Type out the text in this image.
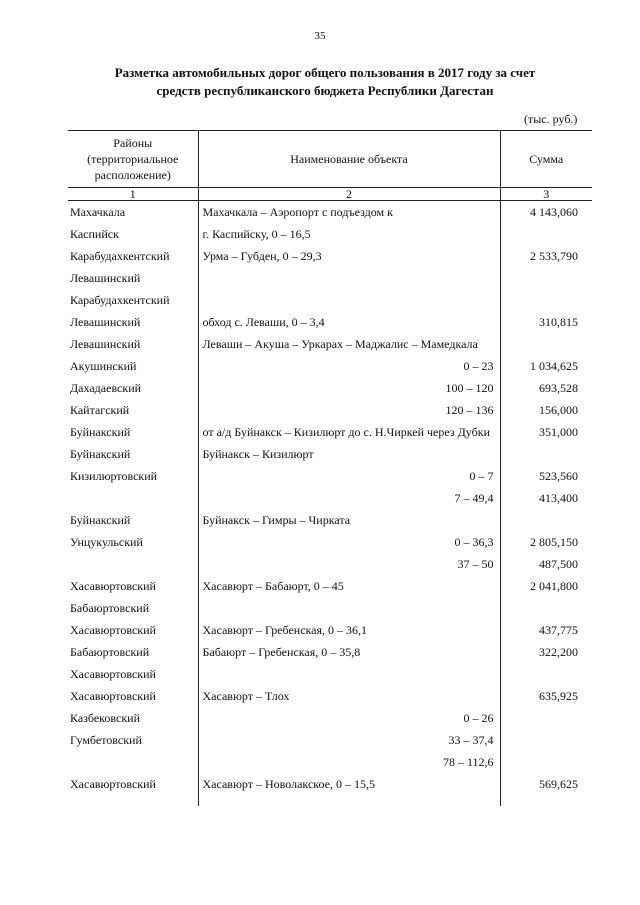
35
Разметка автомобильных дорог общего пользования в 2017 году за счет
средств республиканского бюджета Республики Дагестан
(тыс. руб.)
Районы (территориальное расположение)	Наименование объекта	Сумма
1	2	3
Махачкала	Махачкала – Аэропорт с подъездом к	4 143,060
Каспийск	г. Каспийску, 0 – 16,5	
Карабудахкентский	Урма – Губден, 0 – 29,3	2 533,790
Левашинский		
Карабудахкентский		
Левашинский	обход с. Леваши, 0 – 3,4	310,815
Левашинский	Леваши – Акуша – Уркарах – Маджалис – Мамедкала	
Акушинский	0 – 23	1 034,625
Дахадаевский	100 – 120	693,528
Кайтагский	120 – 136	156,000
Буйнакский	от а/д Буйнакск – Кизилюрт до с. Н.Чиркей через Дубки	351,000
Буйнакский	Буйнакск – Кизилюрт	
Кизилюртовский	0 – 7	523,560
	7 – 49,4	413,400
Буйнакский	Буйнакск – Гимры – Чирката	
Унцукульский	0 – 36,3	2 805,150
	37 – 50	487,500
Хасавюртовский	Хасавюрт – Бабаюрт, 0 – 45	2 041,800
Бабаюртовский		
Хасавюртовский	Хасавюрт – Гребенская, 0 – 36,1	437,775
Бабаюртовский	Бабаюрт – Гребенская, 0 – 35,8	322,200
Хасавюртовский		
Хасавюртовский	Хасавюрт – Тлох	635,925
Казбековский	0 – 26	
Гумбетовский	33 – 37,4	
	78 – 112,6	
Хасавюртовский	Хасавюрт – Новолакское, 0 – 15,5	569,625
